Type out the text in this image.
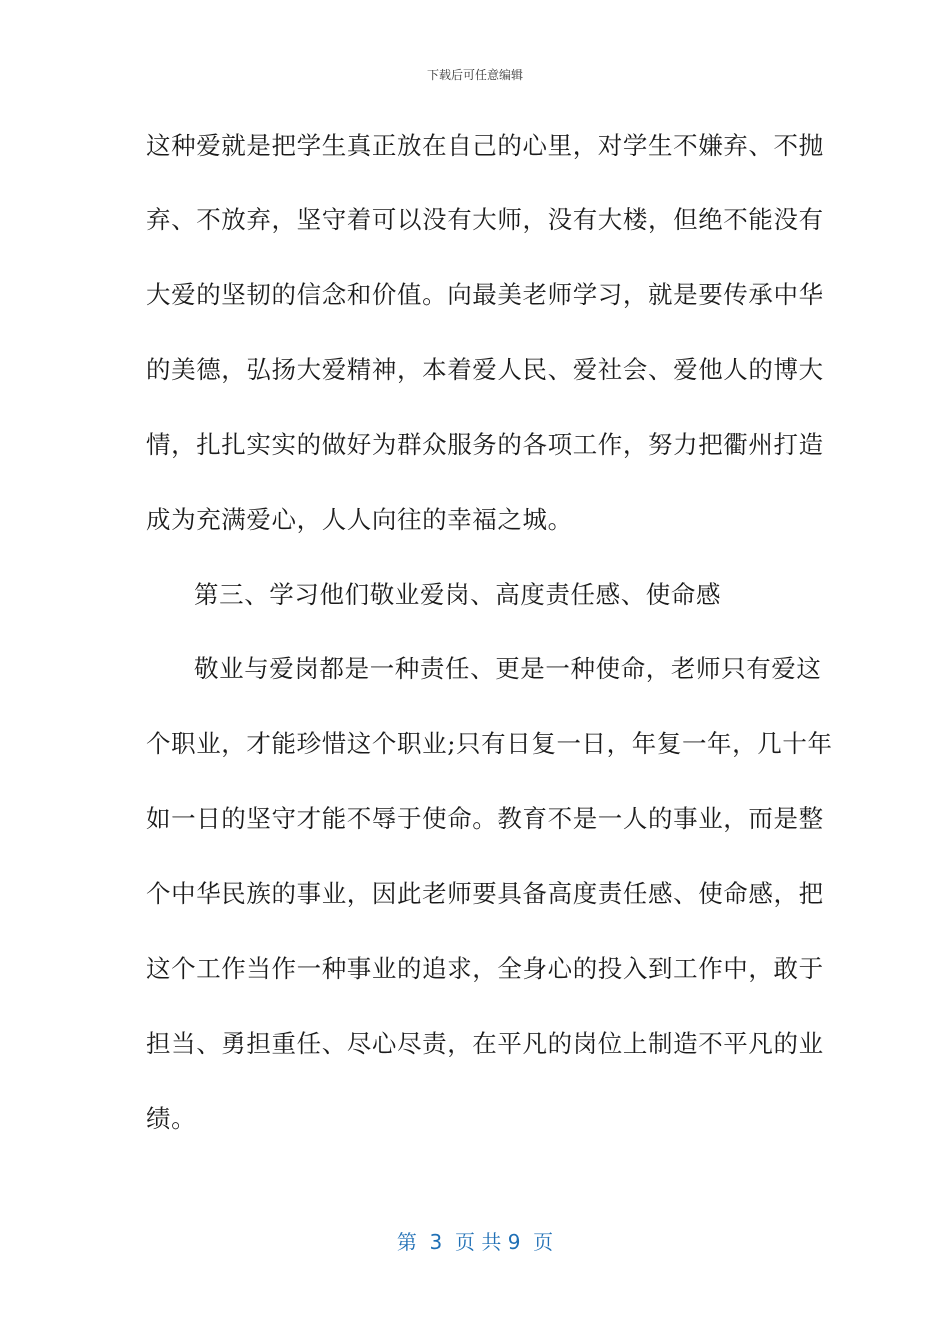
下载后可任意编辑
这种爱就是把学生真正放在自己的心里，对学生不嫌弃、不抛
弃、不放弃，坚守着可以没有大师，没有大楼，但绝不能没有
大爱的坚韧的信念和价值。向最美老师学习，就是要传承中华
的美德，弘扬大爱精神，本着爱人民、爱社会、爱他人的博大
情，扎扎实实的做好为群众服务的各项工作，努力把衢州打造
成为充满爱心，人人向往的幸福之城。
第三、学习他们敬业爱岗、高度责任感、使命感
敬业与爱岗都是一种责任、更是一种使命，老师只有爱这
个职业，才能珍惜这个职业;只有日复一日，年复一年，几十年
如一日的坚守才能不辱于使命。教育不是一人的事业，而是整
个中华民族的事业，因此老师要具备高度责任感、使命感，把
这个工作当作一种事业的追求，全身心的投入到工作中，敢于
担当、勇担重任、尽心尽责，在平凡的岗位上制造不平凡的业
绩。
第  3  页 共 9  页
